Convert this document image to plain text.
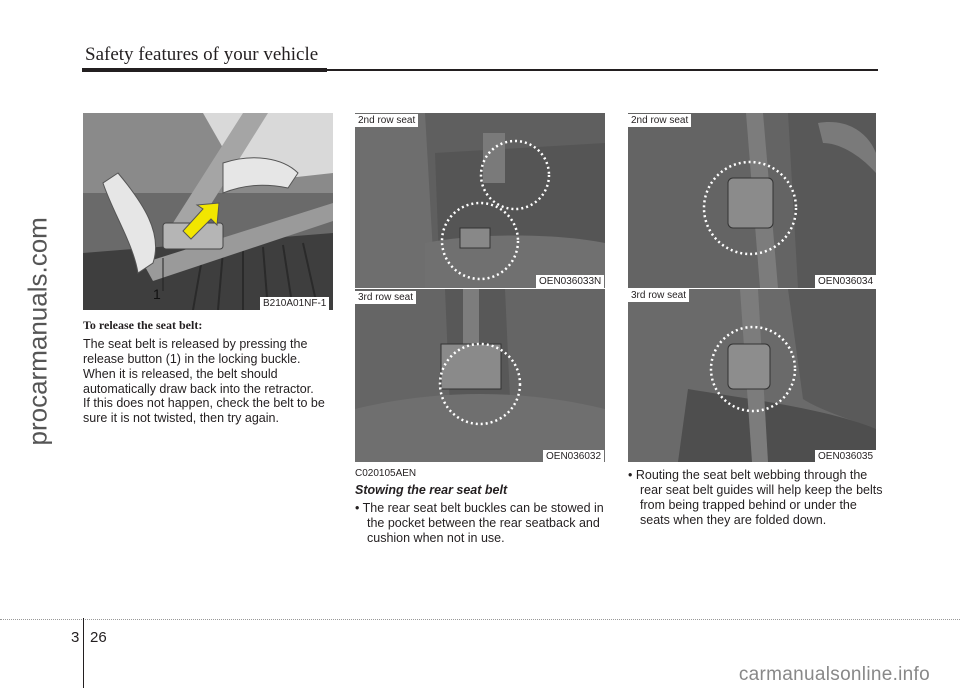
Safety features of your vehicle
procarmanuals.com	1
B210A01NF-1
To release the seat belt:
The seat belt is released by pressing the release button (1) in the locking buckle. When it is released, the belt should automatically draw back into the retractor.
If this does not happen, check the belt to be sure it is not twisted, then try again.
2nd row seat
OEN036033N
3rd row seat
OEN036032
C020105AEN
Stowing the rear seat belt
• The rear seat belt buckles can be stowed in the pocket between the rear seatback and cushion when not in use.
2nd row seat
OEN036034
3rd row seat
OEN036035
• Routing the seat belt webbing through the rear seat belt guides will help keep the belts from being trapped behind or under the seats when they are folded down.
3 26
carmanualsonline.info
